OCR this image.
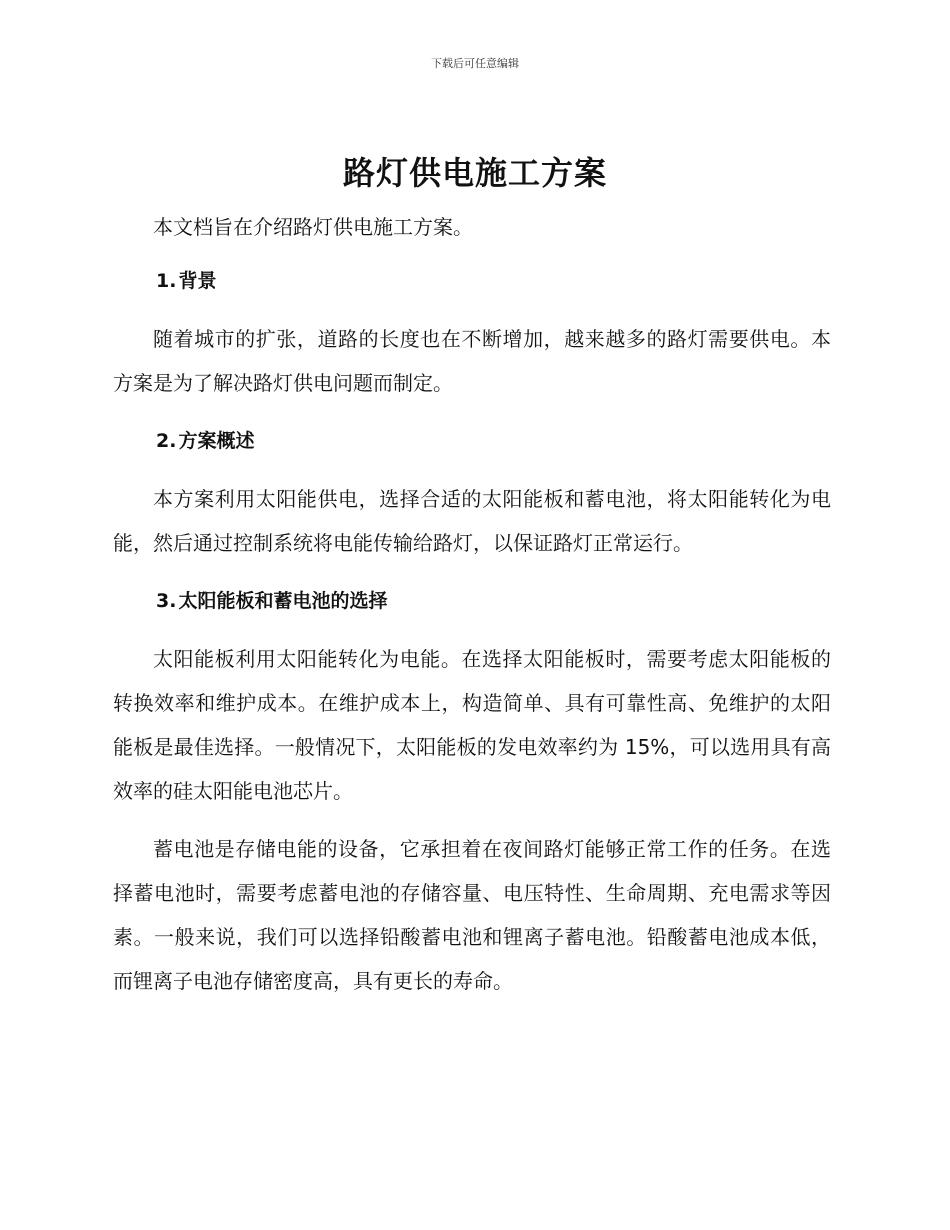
下载后可任意编辑
路灯供电施工方案

本文档旨在介绍路灯供电施工方案。

1. 背景

随着城市的扩张，道路的长度也在不断增加，越来越多的路灯需要供电。本方案是为了解决路灯供电问题而制定。

2. 方案概述

本方案利用太阳能供电，选择合适的太阳能板和蓄电池，将太阳能转化为电能，然后通过控制系统将电能传输给路灯，以保证路灯正常运行。

3. 太阳能板和蓄电池的选择

太阳能板利用太阳能转化为电能。在选择太阳能板时，需要考虑太阳能板的转换效率和维护成本。在维护成本上，构造简单、具有可靠性高、免维护的太阳能板是最佳选择。一般情况下，太阳能板的发电效率约为 15%，可以选用具有高效率的硅太阳能电池芯片。

蓄电池是存储电能的设备，它承担着在夜间路灯能够正常工作的任务。在选择蓄电池时，需要考虑蓄电池的存储容量、电压特性、生命周期、充电需求等因素。一般来说，我们可以选择铅酸蓄电池和锂离子蓄电池。铅酸蓄电池成本低，而锂离子电池存储密度高，具有更长的寿命。
